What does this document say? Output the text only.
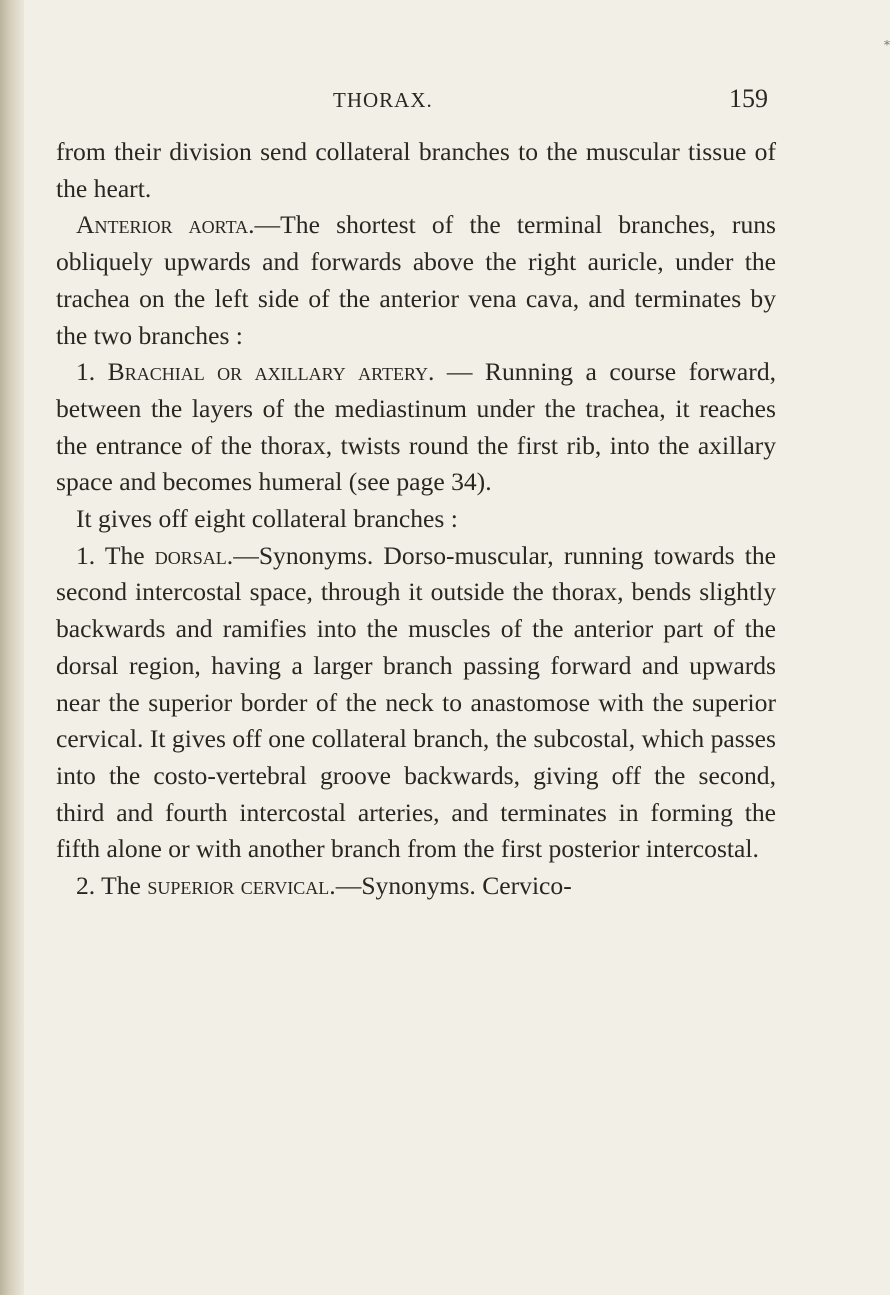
THORAX.	159
*

from their division send collateral branches to the muscular tissue of the heart.

Anterior aorta.—The shortest of the terminal branches, runs obliquely upwards and forwards above the right auricle, under the trachea on the left side of the anterior vena cava, and terminates by the two branches :

1. Brachial or axillary artery. — Running a course forward, between the layers of the mediastinum under the trachea, it reaches the entrance of the thorax, twists round the first rib, into the axillary space and becomes humeral (see page 34).

It gives off eight collateral branches :

1. The dorsal.—Synonyms. Dorso-muscular, running towards the second intercostal space, through it outside the thorax, bends slightly backwards and ramifies into the muscles of the anterior part of the dorsal region, having a larger branch passing forward and upwards near the superior border of the neck to anastomose with the superior cervical. It gives off one collateral branch, the subcostal, which passes into the costo-vertebral groove backwards, giving off the second, third and fourth intercostal arteries, and terminates in forming the fifth alone or with another branch from the first posterior intercostal.

2. The superior cervical.—Synonyms. Cervico-
